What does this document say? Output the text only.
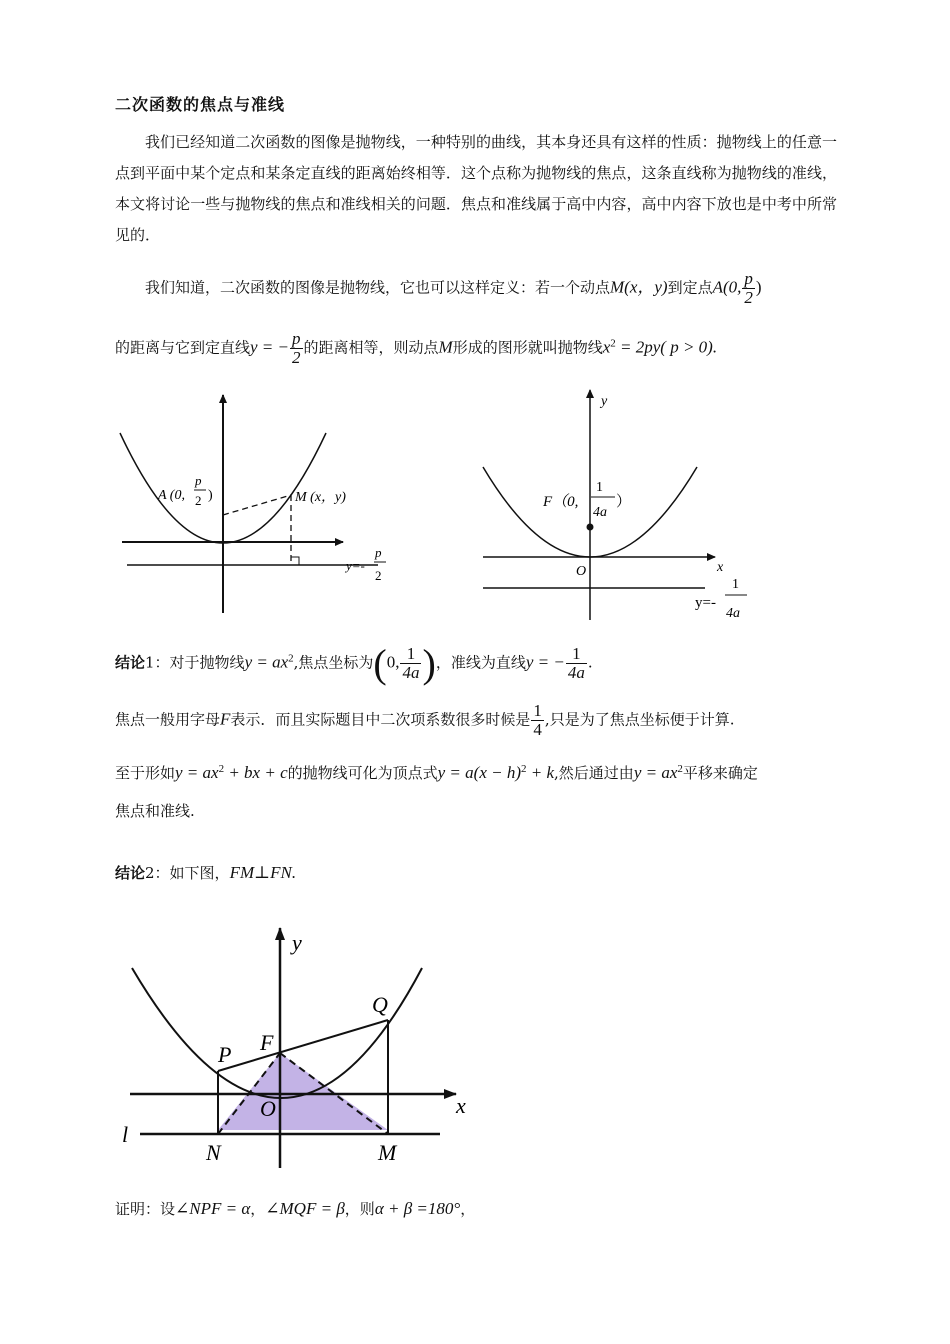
二次函数的焦点与准线

我们已经知道二次函数的图像是抛物线，一种特别的曲线，其本身还具有这样的性质：抛物线上的任意一点到平面中某个定点和某条定直线的距离始终相等．这个点称为抛物线的焦点，这条直线称为抛物线的准线，本文将讨论一些与抛物线的焦点和准线相关的问题．焦点和准线属于高中内容，高中内容下放也是中考中所常见的．

我们知道，二次函数的图像是抛物线，它也可以这样定义：若一个动点M(x，y)到定点A(0, $\frac{p}{2}$ )
的距离与它到定直线y = − $\frac{p}{2}$ 的距离相等，则动点M形成的图形就叫抛物线$x^2 = 2py$( p > 0).
A (0,
p
2 )	M (x，y)
y=-
p
2
y
x
O
F（0,
1
4a
）
y=-
1
4a
结论1：对于抛物线$y = ax^2$,焦点坐标为(0, $\frac{1}{4a}$ )，准线为直线y = − $\frac{1}{4a}$ .
焦点一般用字母F表示．而且实际题目中二次项系数很多时候是 $\frac{1}{4}$ ,只是为了焦点坐标便于计算.
至于形如$y = ax^2$ + bx + c的抛物线可化为顶点式$y = a(x - h)^2 + k$,然后通过由$y = ax^2$平移来确定
焦点和准线.
结论2：如下图，FM⊥FN.
y
x
Q
P F
O
l
N	M
证明：设∠NPF = α，∠MQF = β，则α + β =180°，
